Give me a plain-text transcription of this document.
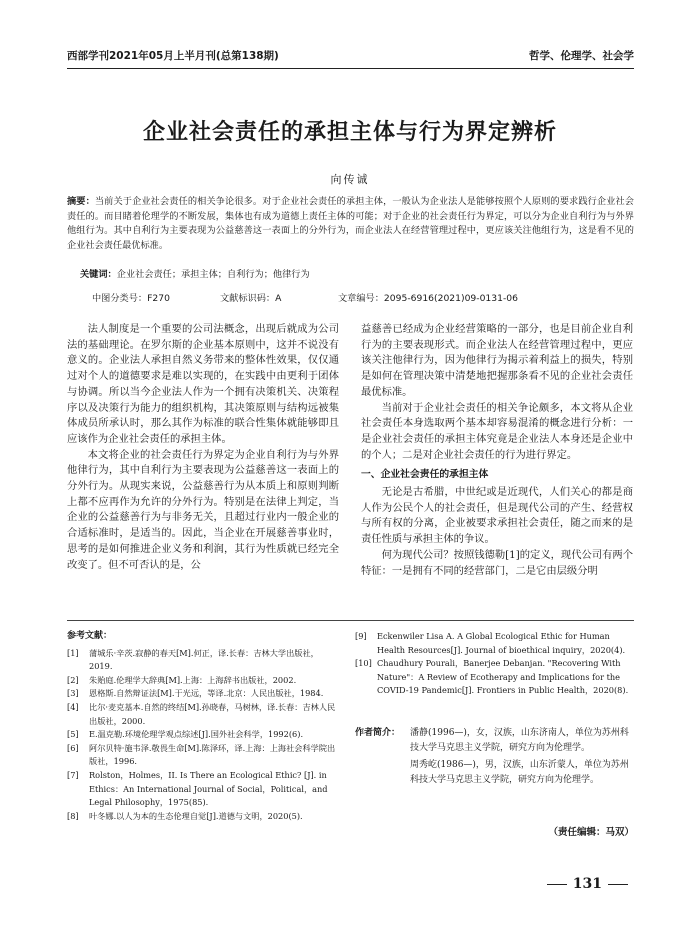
西部学刊2021年05月上半月刊(总第138期)	哲学、伦理学、社会学
企业社会责任的承担主体与行为界定辨析
向传诚
摘要：当前关于企业社会责任的相关争论很多。对于企业社会责任的承担主体，一般认为企业法人是能够按照个人原则的要求践行企业社会责任的。而目睹着伦理学的不断发展，集体也有成为道德上责任主体的可能；对于企业的社会责任行为界定，可以分为企业自利行为与外界他组行为。其中自利行为主要表现为公益慈善这一表面上的分外行为，而企业法人在经营管理过程中，更应该关注他组行为，这是看不见的企业社会责任最优标准。
关键词：企业社会责任；承担主体；自利行为；他律行为
中图分类号：F270	文献标识码：A	文章编号：2095-6916(2021)09-0131-06

法人制度是一个重要的公司法概念，出现后就成为公司法的基础理论。在罗尔斯的企业基本原则中，这并不说没有意义的。企业法人承担自然义务带来的整体性效果，仅仅通过对个人的道德要求是难以实现的，在实践中由更利于团体与协调。所以当今企业法人作为一个拥有决策机关、决策程序以及决策行为能力的组织机构，其决策原则与结构远被集体成员所承认时，那么其作为标准的联合性集体就能够即且应该作为企业社会责任的承担主体。

本文将企业的社会责任行为界定为企业自利行为与外界他律行为，其中自利行为主要表现为公益慈善这一表面上的分外行为。从现实来说，公益慈善行为从本质上和原则判断上都不应再作为允许的分外行为。特别是在法律上判定，当企业的公益慈善行为与非务无关，且超过行业内一般企业的合适标准时，是适当的。因此，当企业在开展慈善事业时，思考的是如何推进企业义务和利润，其行为性质就已经完全改变了。但不可否认的是，公

益慈善已经成为企业经营策略的一部分，也是目前企业自利行为的主要表现形式。而企业法人在经营管理过程中，更应该关注他律行为，因为他律行为揭示着利益上的损失，特别是如何在管理决策中清楚地把握那条看不见的企业社会责任最优标准。

当前对于企业社会责任的相关争论颇多，本文将从企业社会责任本身选取两个基本却容易混淆的概念进行分析：一是企业社会责任的承担主体究竟是企业法人本身还是企业中的个人；二是对企业社会责任的行为进行界定。

一、企业社会责任的承担主体

无论是古希腊，中世纪或是近现代，人们关心的都是商人作为公民个人的社会责任，但是现代公司的产生、经营权与所有权的分离，企业被要求承担社会责任，随之而来的是责任性质与承担主体的争议。

何为现代公司？按照钱德勒[1]的定义，现代公司有两个特征：一是拥有不同的经营部门，二是它由层级分明

参考文献：

[1] 蒲城乐·辛茨.寂静的春天[M].何正，译.长春：吉林大学出版社，2019.

[2] 朱贻庭.伦理学大辞典[M].上海：上海辞书出版社，2002.

[3] 恩格斯.自然辩证法[M].于光远，等译.北京：人民出版社，1984.

[4] 比尔·麦克基本.自然的终结[M].孙晓春，马树林，译.长春：吉林人民出版社，2000.

[5] E.温克勒.环境伦理学观点综述[J].国外社会科学，1992(6).

[6] 阿尔贝特·施韦泽.敬畏生命[M].陈泽环，译.上海：上海社会科学院出版社，1996.

[7] Rolston，Holmes，II. Is There an Ecological Ethic? [J]. in Ethics：An International Journal of Social，Political，and Legal Philosophy，1975(85).

[8] 叶冬娜.以人为本的生态伦理自觉[J].道德与文明，2020(5).

[9] Eckenwiler Lisa A. A Global Ecological Ethic for Human Health Resources[J]. Journal of bioethical inquiry，2020(4).

[10] Chaudhury Pourali，Banerjee Debanjan. "Recovering With Nature"：A Review of Ecotherapy and Implications for the COVID-19 Pandemic[J]. Frontiers in Public Health，2020(8).

作者简介：	潘静(1996—)，女，汉族，山东济南人，单位为苏州科技大学马克思主义学院，研究方向为伦理学。

周秀屹(1986—)，男，汉族，山东沂蒙人，单位为苏州科技大学马克思主义学院，研究方向为伦理学。

（责任编辑：马双）
131
